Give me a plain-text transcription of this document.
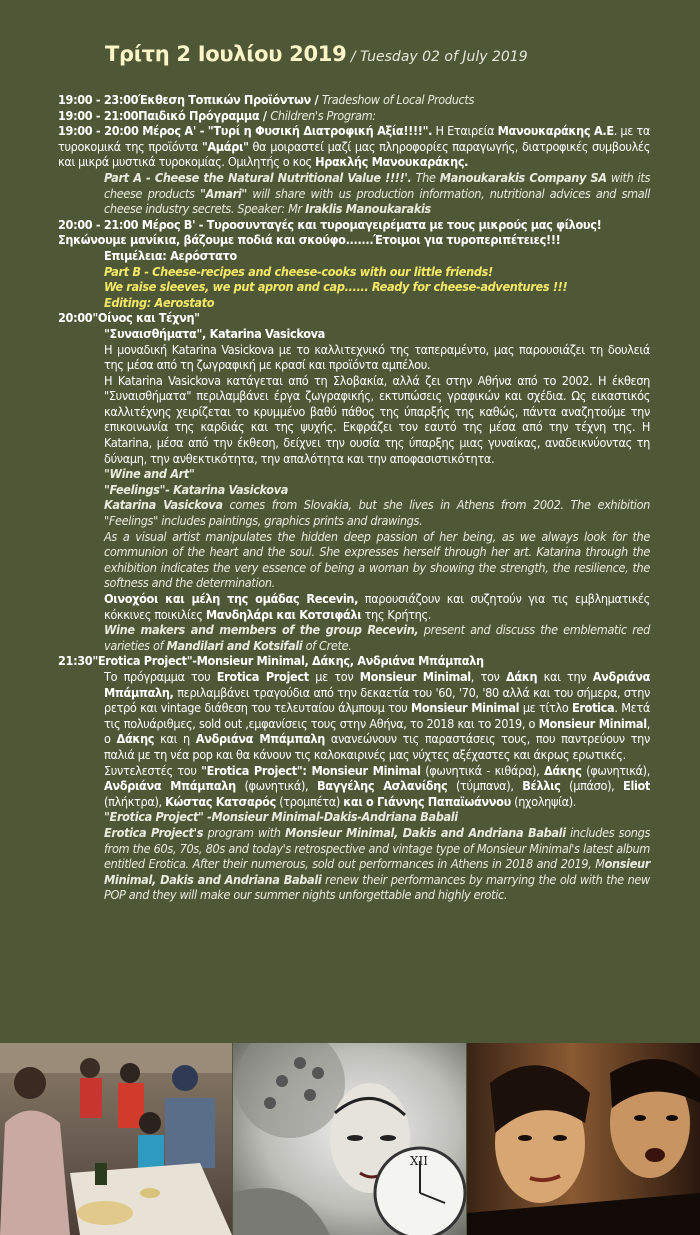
Τρίτη 2 Ιουλίου 2019 / Tuesday 02 of July 2019
19:00 - 23:00 Έκθεση Τοπικών Προϊόντων / Tradeshow of Local Products
19:00 - 21:00 Παιδικό Πρόγραμμα / Children's Program:
19:00 - 20:00 Μέρος Α' - "Τυρί η Φυσική Διατροφική Αξία!!!!". Η Εταιρεία Μανουκαράκης Α.Ε. με τα τυροκομικά της προϊόντα "Αμάρι" θα μοιραστεί μαζί μας πληροφορίες παραγωγής, διατροφικές συμβουλές και μικρά μυστικά τυροκομίας. Ομιλητής ο κος Ηρακλής Μανουκαράκης.
Part A - Cheese the Natural Nutritional Value !!!!'. The Manoukarakis Company SA with its cheese products "Amari" will share with us production information, nutritional advices and small cheese industry secrets. Speaker: Mr Iraklis Manoukarakis
20:00 - 21:00 Μέρος Β' - Τυροσυνταγές και τυρομαγειρέματα με τους μικρούς μας φίλους! Σηκώνουμε μανίκια, βάζουμε ποδιά και σκούφο.......Έτοιμοι για τυροπεριπέτειες!!!
Επιμέλεια: Αερόστατο
Part B - Cheese-recipes and cheese-cooks with our little friends!
We raise sleeves, we put apron and cap...... Ready for cheese-adventures !!!
Editing: Aerostato
20:00 "Οίνος και Τέχνη"
"Συναισθήματα", Katarina Vasickova
Η μοναδική Katarina Vasickova με το καλλιτεχνικό της ταπεραμέντο, μας παρουσιάζει τη δουλειά της μέσα από τη ζωγραφική με κρασί και προϊόντα αμπέλου.
Η Katarina Vasickova κατάγεται από τη Σλοβακία, αλλά ζει στην Αθήνα από το 2002. Η έκθεση "Συναισθήματα" περιλαμβάνει έργα ζωγραφικής, εκτυπώσεις γραφικών και σχέδια. Ως εικαστικός καλλιτέχνης χειρίζεται το κρυμμένο βαθύ πάθος της ύπαρξής της καθώς, πάντα αναζητούμε την επικοινωνία της καρδιάς και της ψυχής. Εκφράζει τον εαυτό της μέσα από την τέχνη της. Η Katarina, μέσα από την έκθεση, δείχνει την ουσία της ύπαρξης μιας γυναίκας, αναδεικνύοντας τη δύναμη, την ανθεκτικότητα, την απαλότητα και την αποφασιστικότητα.
"Wine and Art"
"Feelings"- Katarina Vasickova
Katarina Vasickova comes from Slovakia, but she lives in Athens from 2002. The exhibition "Feelings" includes paintings, graphics prints and drawings.
As a visual artist manipulates the hidden deep passion of her being, as we always look for the communion of the heart and the soul. She expresses herself through her art. Katarina through the exhibition indicates the very essence of being a woman by showing the strength, the resilience, the softness and the determination.
Οινοχόοι και μέλη της ομάδας Recevin, παρουσιάζουν και συζητούν για τις εμβληματικές κόκκινες ποικιλίες Μανδηλάρι και Κοτσιφάλι της Κρήτης.
Wine makers and members of the group Recevin, present and discuss the emblematic red varieties of Mandilari and Kotsifali of Crete.
21:30 "Erotica Project"-Monsieur Minimal, Δάκης, Ανδριάνα Μπάμπαλη
Το πρόγραμμα του Erotica Project με τον Monsieur Minimal, τον Δάκη και την Ανδριάνα Μπάμπαλη, περιλαμβάνει τραγούδια από την δεκαετία του '60, '70, '80 αλλά και του σήμερα, στην ρετρό και vintage διάθεση του τελευταίου άλμπουμ του Monsieur Minimal με τίτλο Erotica. Μετά τις πολυάριθμες, sold out ,εμφανίσεις τους στην Αθήνα, το 2018 και το 2019, ο Monsieur Minimal, ο Δάκης και η Ανδριάνα Μπάμπαλη ανανεώνουν τις παραστάσεις τους, που παντρεύουν την παλιά με τη νέα pop και θα κάνουν τις καλοκαιρινές μας νύχτες αξέχαστες και άκρως ερωτικές.
Συντελεστές του "Erotica Project": Monsieur Minimal (φωνητικά - κιθάρα), Δάκης (φωνητικά), Ανδριάνα Μπάμπαλη (φωνητικά), Βαγγέλης Ασλανίδης (τύμπανα), Βέλλις (μπάσο), Eliot (πλήκτρα), Κώστας Κατσαρός (τρομπέτα) και ο Γιάννης Παπαϊωάννου (ηχοληψία).
"Erotica Project" -Monsieur Minimal-Dakis-Andriana Babali
Erotica Project's program with Monsieur Minimal, Dakis and Andriana Babali includes songs from the 60s, 70s, 80s and today's retrospective and vintage type of Monsieur Minimal's latest album entitled Erotica. After their numerous, sold out performances in Athens in 2018 and 2019, Monsieur Minimal, Dakis and Andriana Babali renew their performances by marrying the old with the new POP and they will make our summer nights unforgettable and highly erotic.
XII
